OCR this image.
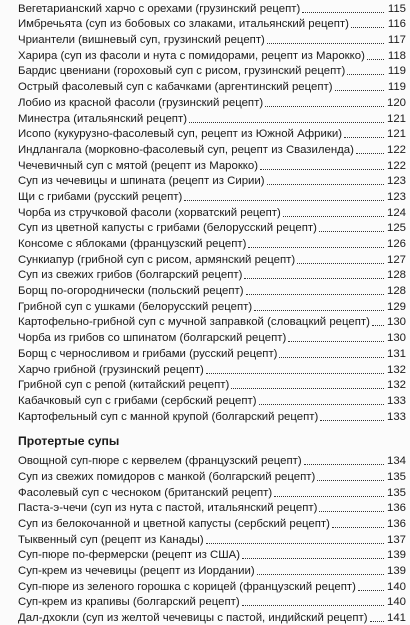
Вегетарианский харчо с орехами (грузинский рецепт)	115
Имбречьята (суп из бобовых со злаками, итальянский рецепт)	116
Чриантели (вишневый суп, грузинский рецепт)	117
Харира (суп из фасоли и нута с помидорами, рецепт из Марокко) 118
Бардис цвениани (гороховый суп с рисом, грузинский рецепт)	119
Острый фасолевый суп с кабачками (аргентинский рецепт)	119
Лобио из красной фасоли (грузинский рецепт)	120
Минестра (итальянский рецепт)	121
Исопо (кукурузно-фасолевый суп, рецепт из Южной Африки)	121
Индлангала (морковно-фасолевый суп, рецепт из Свазиленда)	122
Чечевичный суп с мятой (рецепт из Марокко)	122
Суп из чечевицы и шпината (рецепт из Сирии)	123
Щи с грибами (русский рецепт)	123
Чорба из стручковой фасоли (хорватский рецепт)	124
Суп из цветной капусты с грибами (белорусский рецепт)	125
Консоме с яблоками (французский рецепт)	126
Сункиапур (грибной суп с рисом, армянский рецепт)	127
Суп из свежих грибов (болгарский рецепт)	128
Борщ по-огороднически (польский рецепт)	128
Грибной суп с ушками (белорусский рецепт)	129
Картофельно-грибной суп с мучной заправкой (словацкий рецепт) 130
Чорба из грибов со шпинатом (болгарский рецепт)	130
Борщ с черносливом и грибами (русский рецепт)	131
Харчо грибной (грузинский рецепт)	132
Грибной суп с репой (китайский рецепт)	132
Кабачковый суп с грибами (сербский рецепт)	133
Картофельный суп с манной крупой (болгарский рецепт)	133
Протертые супы
Овощной суп-пюре с кервелем (французский рецепт)	134
Суп из свежих помидоров с манкой (болгарский рецепт)	135
Фасолевый суп с чесноком (британский рецепт)	135
Паста-э-чечи (суп из нута с пастой, итальянский рецепт)	136
Суп из белокочанной и цветной капусты (сербский рецепт)	136
Тыквенный суп (рецепт из Канады)	137
Суп-пюре по-фермерски (рецепт из США)	139
Суп-крем из чечевицы (рецепт из Иордании)	139
Суп-пюре из зеленого горошка с корицей (французский рецепт)	140
Суп-крем из крапивы (болгарский рецепт)	140
Дал-дхокли (суп из желтой чечевицы с пастой, индийский рецепт) 141
